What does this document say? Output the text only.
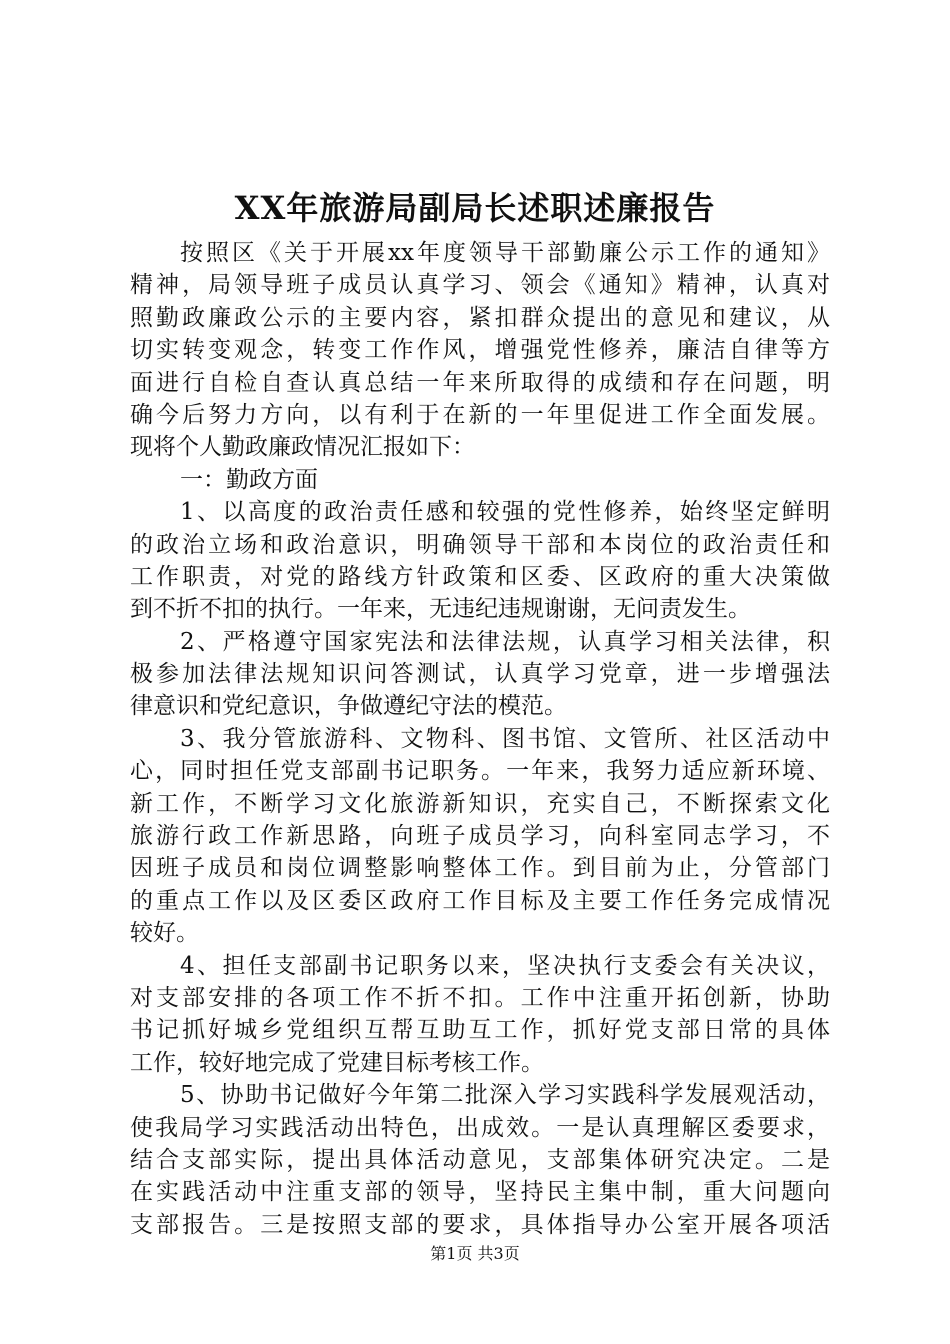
XX年旅游局副局长述职述廉报告
按照区《关于开展xx年度领导干部勤廉公示工作的通知》
精神，局领导班子成员认真学习、领会《通知》精神，认真对
照勤政廉政公示的主要内容，紧扣群众提出的意见和建议，从
切实转变观念，转变工作作风，增强党性修养，廉洁自律等方
面进行自检自查认真总结一年来所取得的成绩和存在问题，明
确今后努力方向，以有利于在新的一年里促进工作全面发展。
现将个人勤政廉政情况汇报如下：
一：勤政方面
1、以高度的政治责任感和较强的党性修养，始终坚定鲜明
的政治立场和政治意识，明确领导干部和本岗位的政治责任和
工作职责，对党的路线方针政策和区委、区政府的重大决策做
到不折不扣的执行。一年来，无违纪违规谢谢，无问责发生。
2、严格遵守国家宪法和法律法规，认真学习相关法律，积
极参加法律法规知识问答测试，认真学习党章，进一步增强法
律意识和党纪意识，争做遵纪守法的模范。
3、我分管旅游科、文物科、图书馆、文管所、社区活动中
心，同时担任党支部副书记职务。一年来，我努力适应新环境、
新工作，不断学习文化旅游新知识，充实自己，不断探索文化
旅游行政工作新思路，向班子成员学习，向科室同志学习，不
因班子成员和岗位调整影响整体工作。到目前为止，分管部门
的重点工作以及区委区政府工作目标及主要工作任务完成情况
较好。
4、担任支部副书记职务以来，坚决执行支委会有关决议，
对支部安排的各项工作不折不扣。工作中注重开拓创新，协助
书记抓好城乡党组织互帮互助互工作，抓好党支部日常的具体
工作，较好地完成了党建目标考核工作。
5、协助书记做好今年第二批深入学习实践科学发展观活动，
使我局学习实践活动出特色，出成效。一是认真理解区委要求，
结合支部实际，提出具体活动意见，支部集体研究决定。二是
在实践活动中注重支部的领导，坚持民主集中制，重大问题向
支部报告。三是按照支部的要求，具体指导办公室开展各项活
第1页 共3页
